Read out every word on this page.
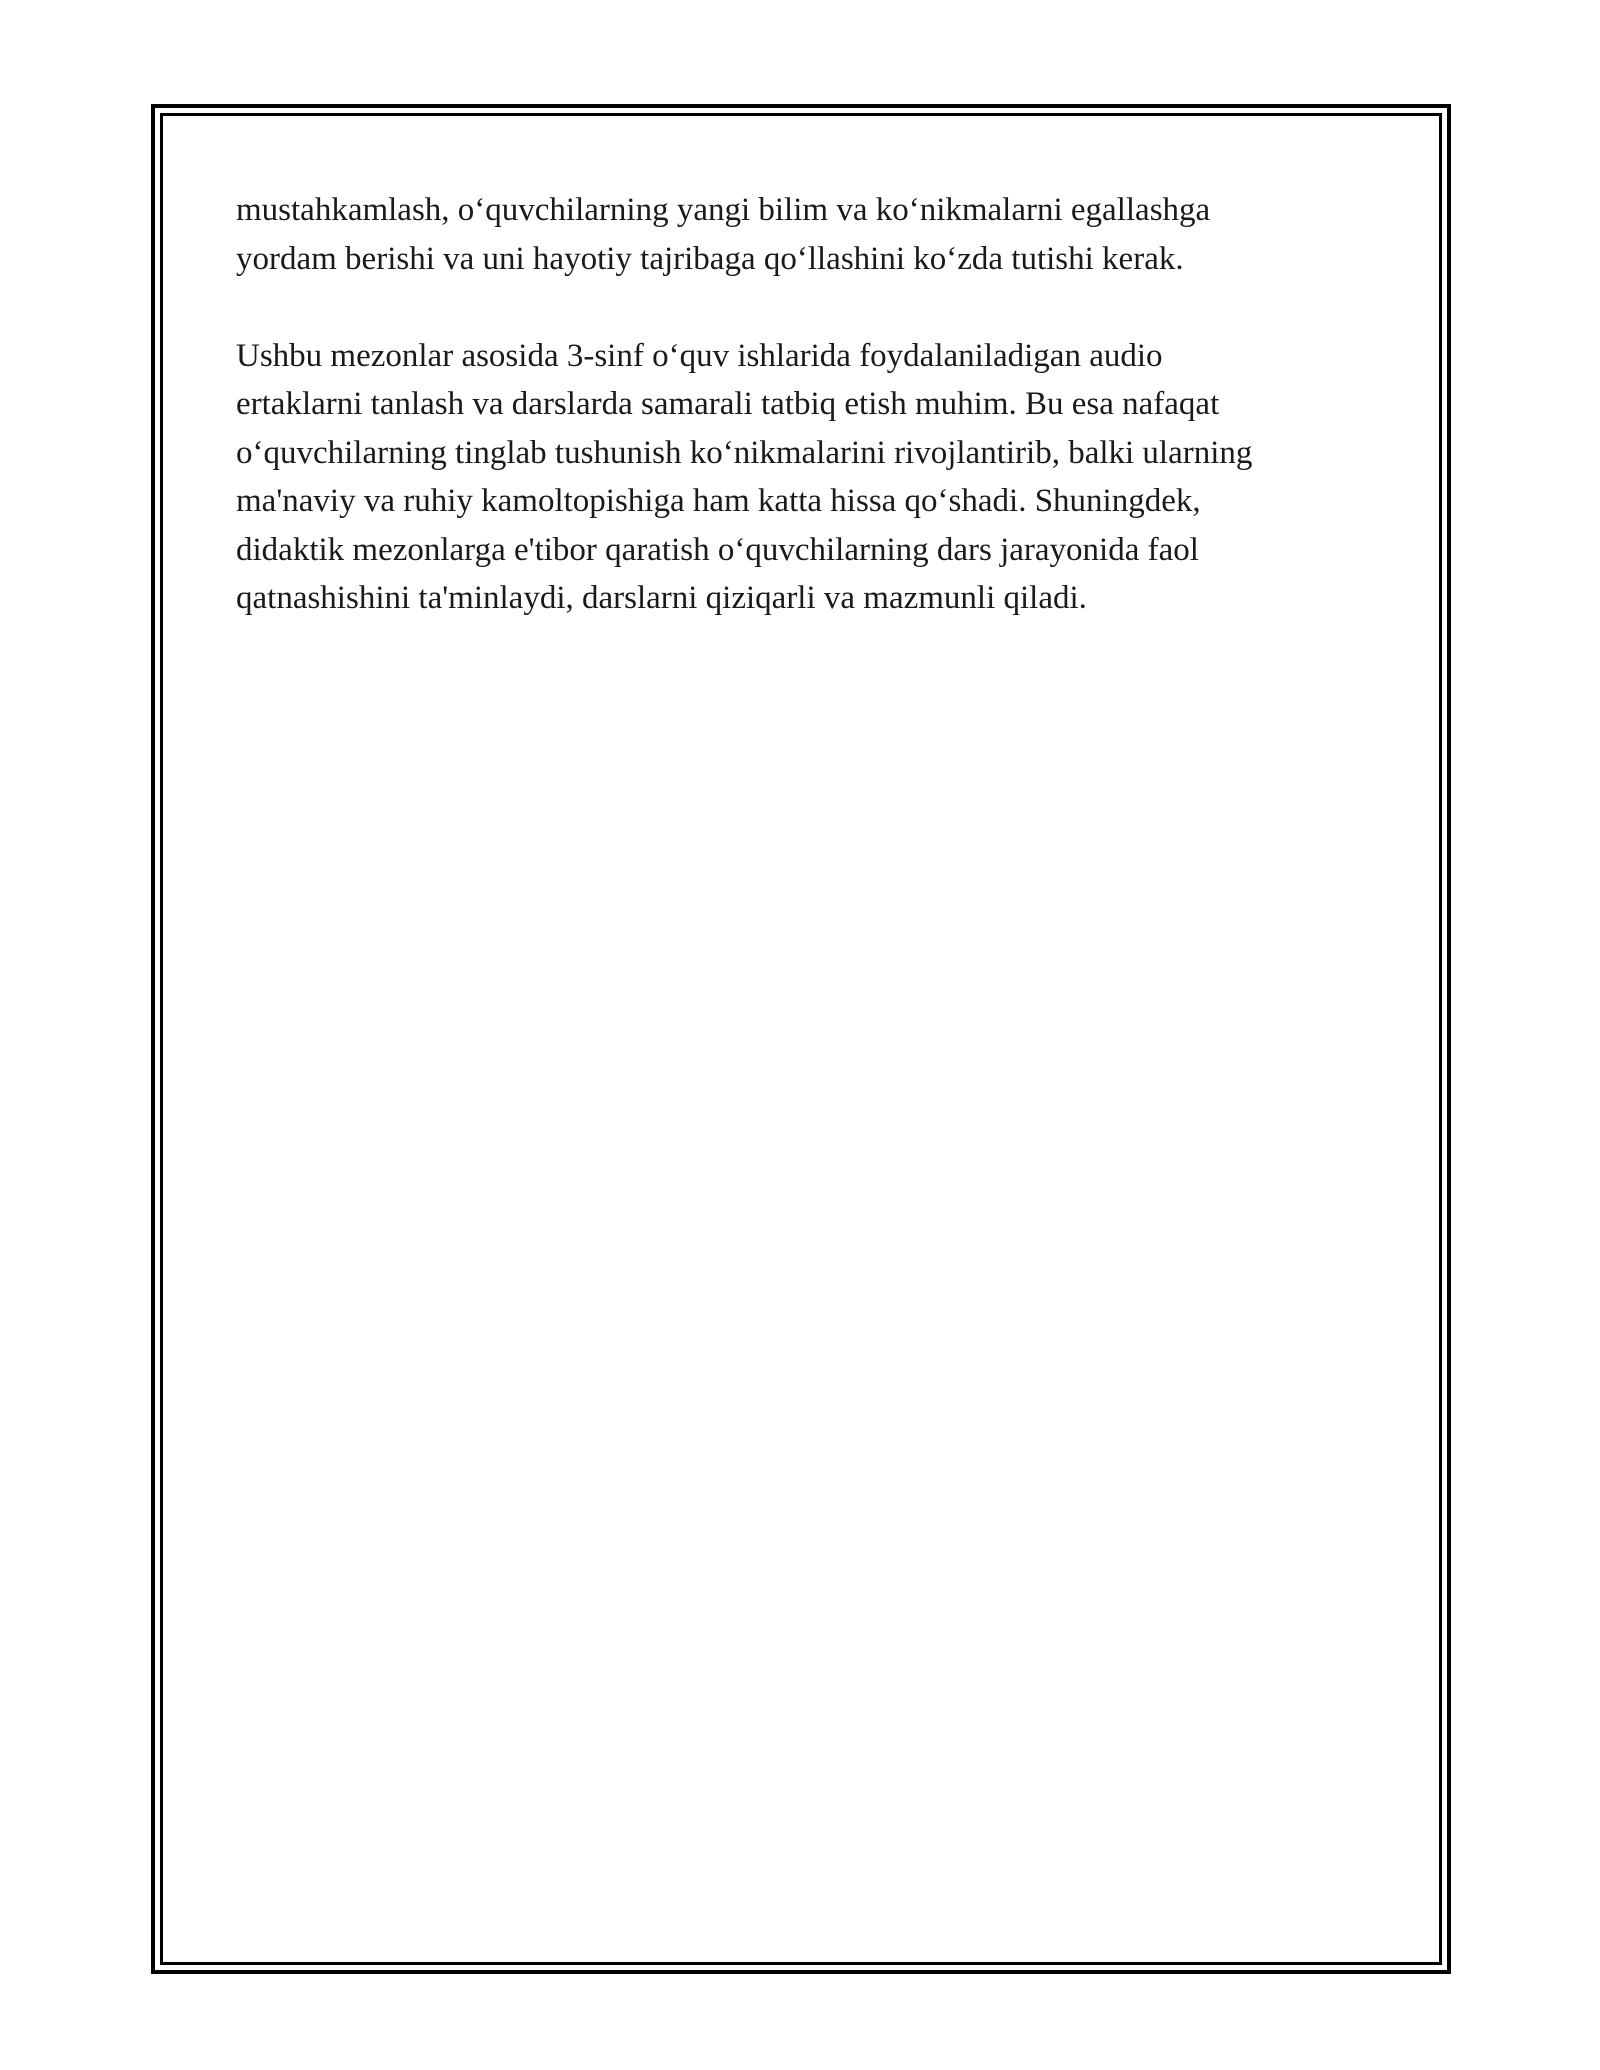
mustahkamlash, o‘quvchilarning yangi bilim va ko‘nikmalarni egallashga
yordam berishi va uni hayotiy tajribaga qo‘llashini ko‘zda tutishi kerak.

Ushbu mezonlar asosida 3-sinf o‘quv ishlarida foydalaniladigan audio
ertaklarni tanlash va darslarda samarali tatbiq etish muhim. Bu esa nafaqat
o‘quvchilarning tinglab tushunish ko‘nikmalarini rivojlantirib, balki ularning
ma'naviy va ruhiy kamoltopishiga ham katta hissa qo‘shadi. Shuningdek,
didaktik mezonlarga e'tibor qaratish o‘quvchilarning dars jarayonida faol
qatnashishini ta'minlaydi, darslarni qiziqarli va mazmunli qiladi.
